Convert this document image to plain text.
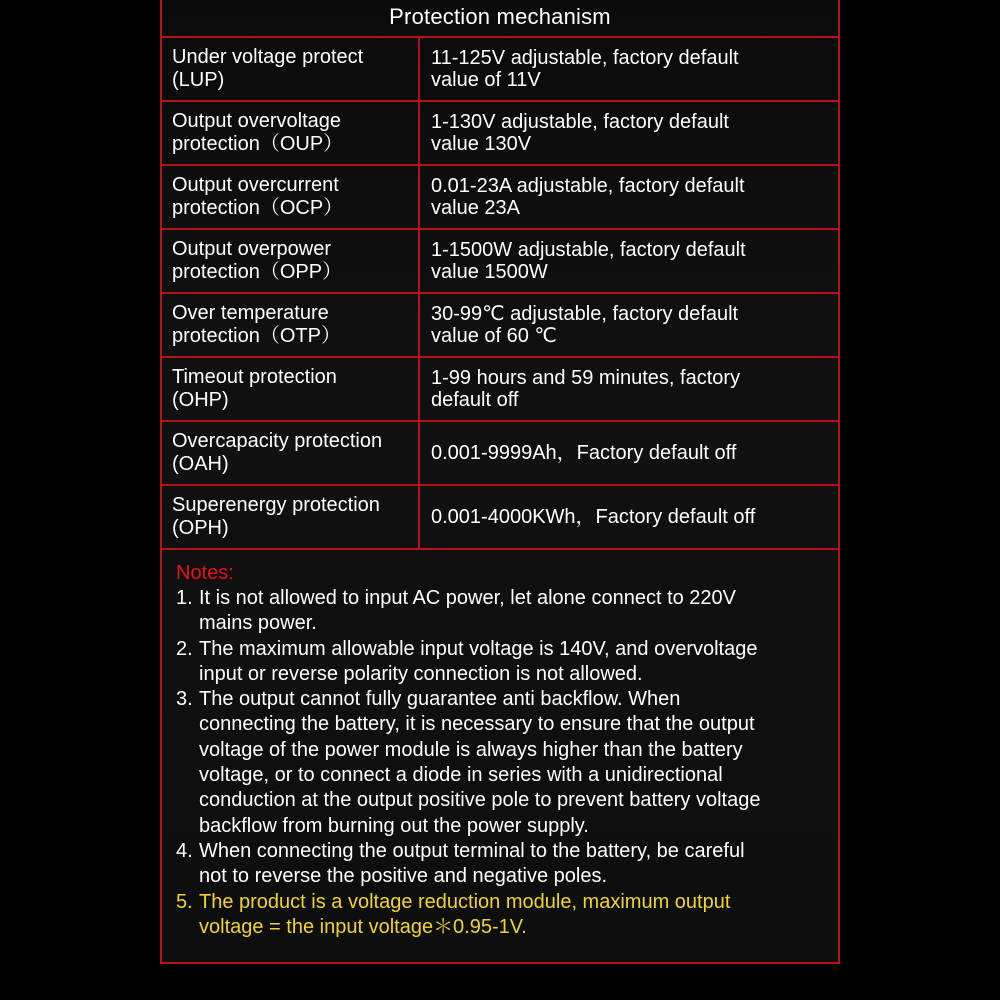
Protection mechanism
Under voltage protect
(LUP)
11-125V adjustable, factory default
value of 11V
Output overvoltage
protection（OUP）
1-130V adjustable, factory default
value 130V
Output overcurrent
protection（OCP）
0.01-23A adjustable, factory default
value 23A
Output overpower
protection（OPP）
1-1500W adjustable, factory default
value 1500W
Over temperature
protection（OTP）
30-99℃ adjustable, factory default
value of 60 ℃
Timeout protection
(OHP)
1-99 hours and 59 minutes, factory
default off
Overcapacity protection
(OAH)	0.001-9999Ah，Factory default off
Superenergy protection
(OPH)	0.001-4000KWh，Factory default off
Notes:
1. It is not allowed to input AC power, let alone connect to 220V
mains power.
2. The maximum allowable input voltage is 140V, and overvoltage
input or reverse polarity connection is not allowed.
3. The output cannot fully guarantee anti backflow. When
connecting the battery, it is necessary to ensure that the output
voltage of the power module is always higher than the battery
voltage, or to connect a diode in series with a unidirectional
conduction at the output positive pole to prevent battery voltage
backflow from burning out the power supply.
4. When connecting the output terminal to the battery, be careful
not to reverse the positive and negative poles.
5. The product is a voltage reduction module, maximum output
voltage = the input voltage＊0.95-1V.
